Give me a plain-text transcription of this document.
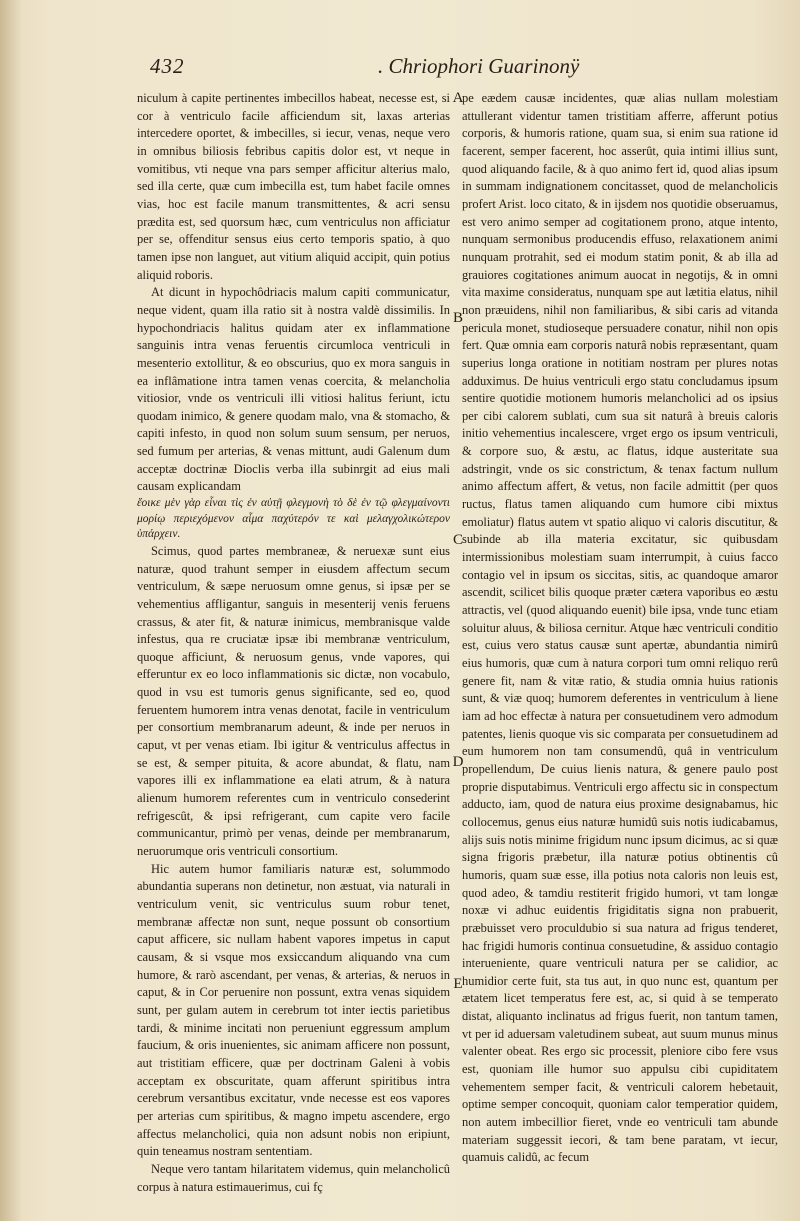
432	. Chriophori Guarinonÿ

niculum à capite pertinentes imbecillos habeat, necesse est, si cor à ventriculo facile afficiendum sit, laxas arterias intercedere oportet, & imbecilles, si iecur, venas, neque vero in omnibus biliosis febribus capitis dolor est, vt neque in vomitibus, vti neque vna pars semper afficitur alterius malo, sed illa certe, quæ cum imbecilla est, tum habet facile omnes vias, hoc est facile manum transmittentes, & acri sensu prædita est, sed quorsum hæc, cum ventriculus non afficiatur per se, offenditur sensus eius certo temporis spatio, à quo tamen ipse non languet, aut vitium aliquid accipit, quin potius aliquid roboris.

At dicunt in hypochôdriacis malum capiti communicatur, neque vident, quam illa ratio sit à nostra valdè dissimilis. In hypochondriacis halitus quidam ater ex inflammatione sanguinis intra venas feruentis circumloca ventriculi in mesenterio extollitur, & eo obscurius, quo ex mora sanguis in ea inflâmatione intra tamen venas coercita, & melancholia vitiosior, vnde os ventriculi illi vitiosi halitus feriunt, ictu quodam inimico, & genere quodam malo, vna & stomacho, & capiti infesto, in quod non solum suum sensum, per neruos, sed fumum per arterias, & venas mittunt, audi Galenum dum acceptæ doctrinæ Dioclis verba illa subinrgit ad eius mali causam explicandam

ἔοικε μὲν γὰρ εἶναι τὶς ἐν αὐτῇ φλεγμονὴ τὸ δὲ ἐν τῷ φλεγμαίνοντι μορίῳ περιεχόμενον αἷμα παχύτερόν τε καὶ μελαγχολικώτερον ὑπάρχειν.

Scimus, quod partes membraneæ, & neruexæ sunt eius naturæ, quod trahunt semper in eiusdem affectum secum ventriculum, & sæpe neruosum omne genus, si ipsæ per se vehementius affligantur, sanguis in mesenterij venis feruens crassus, & ater fit, & naturæ inimicus, membranisque valde infestus, qua re cruciatæ ipsæ ibi membranæ ventriculum, quoque afficiunt, & neruosum genus, vnde vapores, qui efferuntur ex eo loco inflammationis sic dictæ, non vocabulo, quod in vsu est tumoris genus significante, sed eo, quod feruentem humorem intra venas denotat, facile in ventriculum per consortium membranarum adeunt, & inde per neruos in caput, vt per venas etiam. Ibi igitur & ventriculus affectus in se est, & semper pituita, & acore abundat, & flatu, nam vapores illi ex inflammatione ea elati atrum, & à natura alienum humorem referentes cum in ventriculo consederint refrigescût, & ipsi refrigerant, cum capite vero facile communicantur, primò per venas, deinde per membranarum, neruorumque oris ventriculi consortium.

Hic autem humor familiaris naturæ est, solummodo abundantia superans non detinetur, non æstuat, via naturali in ventriculum venit, sic ventriculus suum robur tenet, membranæ affectæ non sunt, neque possunt ob consortium caput afficere, sic nullam habent vapores impetus in caput causam, & si vsque mos exsiccandum aliquando vna cum humore, & rarò ascendant, per venas, & arterias, & neruos in caput, & in Cor peruenire non possunt, extra venas siquidem sunt, per gulam autem in cerebrum tot inter iectis parietibus tardi, & minime incitati non perueniunt eggressum amplum faucium, & oris inuenientes, sic animam afficere non possunt, aut tristitiam efficere, quæ per doctrinam Galeni à vobis acceptam ex obscuritate, quam afferunt spiritibus intra cerebrum versantibus excitatur, vnde necesse est eos vapores per arterias cum spiritibus, & magno impetu ascendere, ergo affectus melancholici, quia non adsunt nobis non eripiunt, quin teneamus nostram sententiam.

Neque vero tantam hilaritatem videmus, quin melancholicû corpus à natura estimauerimus, cui fç

A
B
C
D
E

pe eædem causæ incidentes, quæ alias nullam molestiam attullerant videntur tamen tristitiam afferre, afferunt potius corporis, & humoris ratione, quam sua, si enim sua ratione id facerent, semper facerent, hoc asserût, quia intimi illius sunt, quod aliquando facile, & à quo animo fert id, quod alias ipsum in summam indignationem concitasset, quod de melancholicis profert Arist. loco citato, & in ijsdem nos quotidie obseruamus, est vero animo semper ad cogitationem prono, atque intento, nunquam sermonibus producendis effuso, relaxationem animi nunquam protrahit, sed ei modum statim ponit, & ab illa ad grauiores cogitationes animum auocat in negotijs, & in omni vita maxime consideratus, nunquam spe aut lætitia elatus, nihil non præuidens, nihil non familiaribus, & sibi caris ad vitanda pericula monet, studioseque persuadere conatur, nihil non opis fert. Quæ omnia eam corporis naturâ nobis repræsentant, quam superius longa oratione in notitiam nostram per plures notas adduximus. De huius ventriculi ergo statu concludamus ipsum sentire quotidie motionem humoris melancholici ad os ipsius per cibi calorem sublati, cum sua sit naturâ à breuis caloris initio vehementius incalescere, vrget ergo os ipsum ventriculi, & corpore suo, & æstu, ac flatus, idque austeritate sua adstringit, vnde os sic constrictum, & tenax factum nullum animo affectum affert, & vetus, non facile admittit (per quos ructus, flatus tamen aliquando cum humore cibi mixtus emoliatur) flatus autem vt spatio aliquo vi caloris discutitur, & subinde ab illa materia excitatur, sic quibusdam intermissionibus molestiam suam interrumpit, à cuius facco contagio vel in ipsum os siccitas, sitis, ac quandoque amaror ascendit, scilicet bilis quoque præter cætera vaporibus eo æstu attractis, vel (quod aliquando euenit) bile ipsa, vnde tunc etiam soluitur aluus, & biliosa cernitur. Atque hæc ventriculi conditio est, cuius vero status causæ sunt apertæ, abundantia nimirû eius humoris, quæ cum à natura corpori tum omni reliquo rerû genere fit, nam & vitæ ratio, & studia omnia huius rationis sunt, & viæ quoq; humorem deferentes in ventriculum à liene iam ad hoc effectæ à natura per consuetudinem vero admodum patentes, lienis quoque vis sic comparata per consuetudinem ad eum humorem non tam consumendû, quâ in ventriculum propellendum, De cuius lienis natura, & genere paulo post proprie disputabimus. Ventriculi ergo affectu sic in conspectum adducto, iam, quod de natura eius proxime designabamus, hic collocemus, genus eius naturæ humidû suis notis iudicabamus, alijs suis notis minime frigidum nunc ipsum dicimus, ac si quæ signa frigoris præbetur, illa naturæ potius obtinentis cû humoris, quam suæ esse, illa potius nota caloris non leuis est, quod adeo, & tamdiu restiterit frigido humori, vt tam longæ noxæ vi adhuc euidentis frigiditatis signa non prabuerit, præbuisset vero proculdubio si sua natura ad frigus tenderet, hac frigidi humoris continua consuetudine, & assiduo contagio interueniente, quare ventriculi natura per se calidior, ac humidior certe fuit, sta tus aut, in quo nunc est, quantum per ætatem licet temperatus fere est, ac, si quid à se temperato distat, aliquanto inclinatus ad frigus fuerit, non tantum tamen, vt per id aduersam valetudinem subeat, aut suum munus minus valenter obeat. Res ergo sic processit, pleniore cibo fere vsus est, quoniam ille humor suo appulsu cibi cupiditatem vehementem semper facit, & ventriculi calorem hebetauit, optime semper concoquit, quoniam calor temperatior quidem, non autem imbecillior fieret, vnde eo ventriculi tam abunde materiam suggessit iecori, & tam bene paratam, vt iecur, quamuis calidû, ac fecum
